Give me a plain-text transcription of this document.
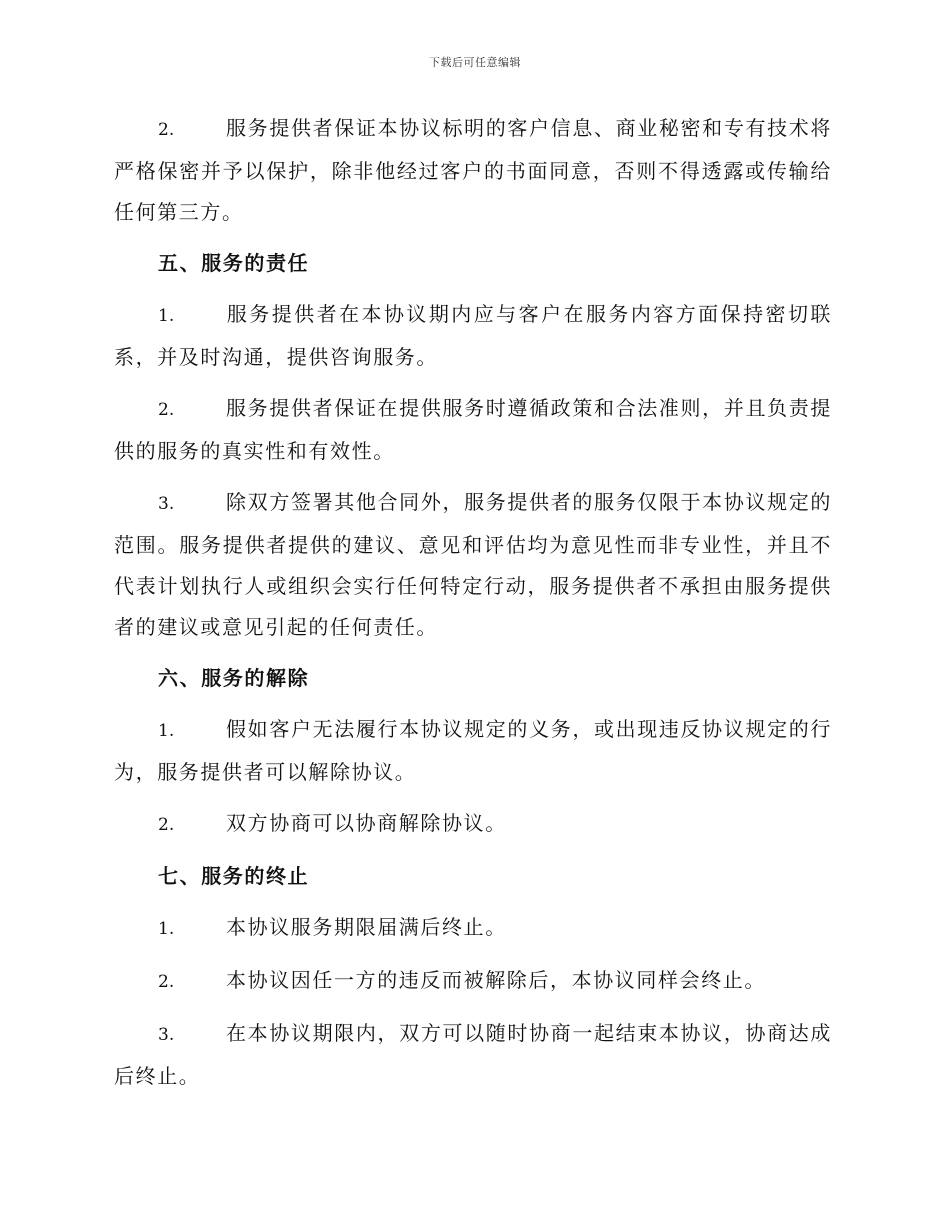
下载后可任意编辑

2.	服务提供者保证本协议标明的客户信息、商业秘密和专有技术将严格保密并予以保护，除非他经过客户的书面同意，否则不得透露或传输给任何第三方。

五、服务的责任

1.	服务提供者在本协议期内应与客户在服务内容方面保持密切联系，并及时沟通，提供咨询服务。

2.	服务提供者保证在提供服务时遵循政策和合法准则，并且负责提供的服务的真实性和有效性。

3.	除双方签署其他合同外，服务提供者的服务仅限于本协议规定的范围。服务提供者提供的建议、意见和评估均为意见性而非专业性，并且不代表计划执行人或组织会实行任何特定行动，服务提供者不承担由服务提供者的建议或意见引起的任何责任。

六、服务的解除

1.	假如客户无法履行本协议规定的义务，或出现违反协议规定的行为，服务提供者可以解除协议。

2.	双方协商可以协商解除协议。

七、服务的终止

1.	本协议服务期限届满后终止。

2.	本协议因任一方的违反而被解除后，本协议同样会终止。

3.	在本协议期限内，双方可以随时协商一起结束本协议，协商达成后终止。
